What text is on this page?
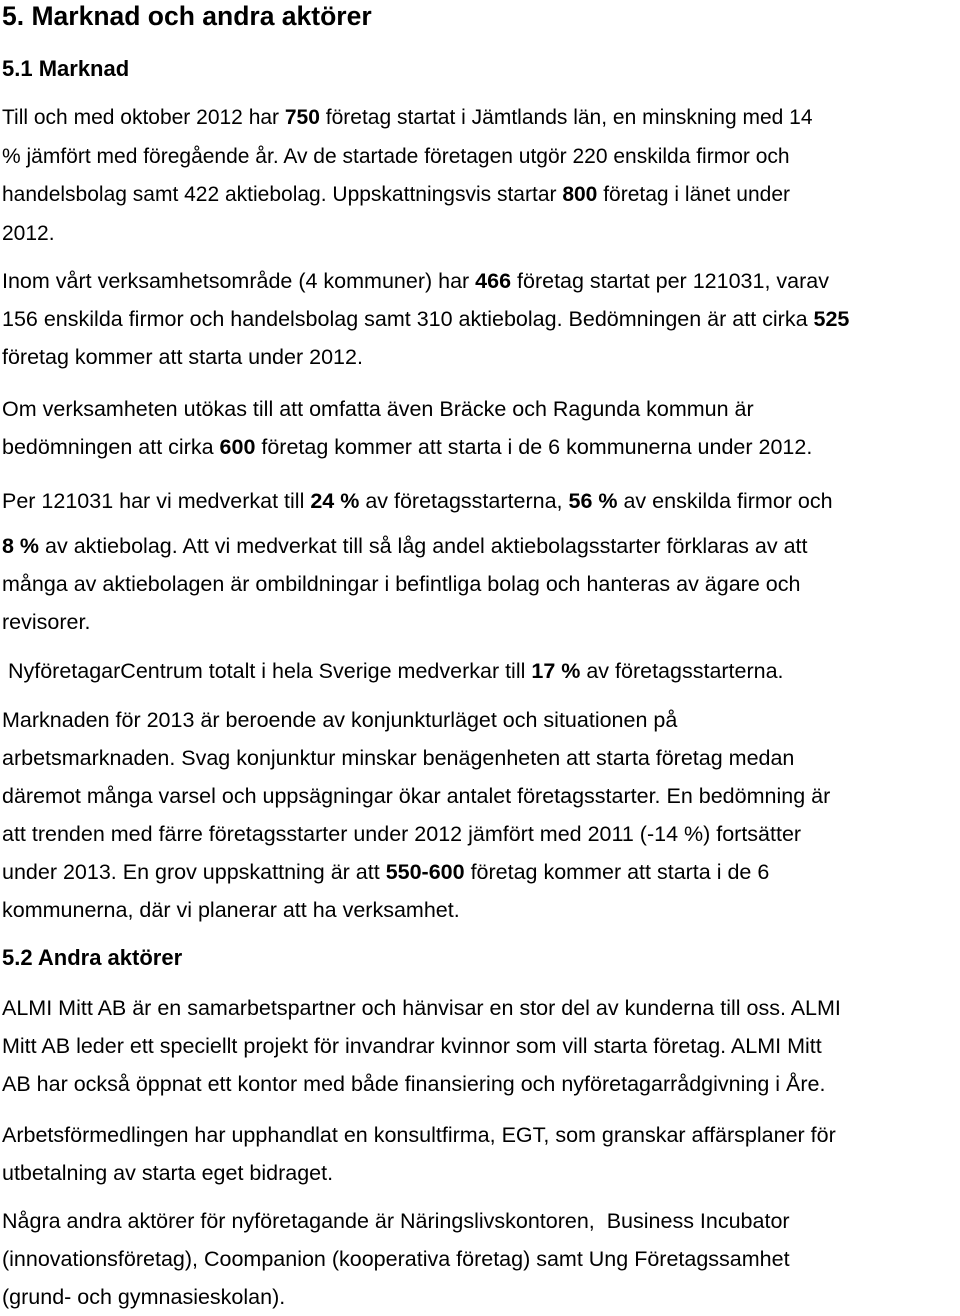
5. Marknad och andra aktörer
5.1 Marknad

Till och med oktober 2012 har 750 företag startat i Jämtlands län, en minskning med 14
% jämfört med föregående år. Av de startade företagen utgör 220 enskilda firmor och
handelsbolag samt 422 aktiebolag. Uppskattningsvis startar 800 företag i länet under
2012.

Inom vårt verksamhetsområde (4 kommuner) har 466 företag startat per 121031, varav
156 enskilda firmor och handelsbolag samt 310 aktiebolag. Bedömningen är att cirka 525
företag kommer att starta under 2012.

Om verksamheten utökas till att omfatta även Bräcke och Ragunda kommun är
bedömningen att cirka 600 företag kommer att starta i de 6 kommunerna under 2012.

Per 121031 har vi medverkat till 24 % av företagsstarterna, 56 % av enskilda firmor och
8 % av aktiebolag. Att vi medverkat till så låg andel aktiebolagsstarter förklaras av att
många av aktiebolagen är ombildningar i befintliga bolag och hanteras av ägare och
revisorer.

NyföretagarCentrum totalt i hela Sverige medverkar till 17 % av företagsstarterna.

Marknaden för 2013 är beroende av konjunkturläget och situationen på
arbetsmarknaden. Svag konjunktur minskar benägenheten att starta företag medan
däremot många varsel och uppsägningar ökar antalet företagsstarter. En bedömning är
att trenden med färre företagsstarter under 2012 jämfört med 2011 (-14 %) fortsätter
under 2013. En grov uppskattning är att 550-600 företag kommer att starta i de 6
kommunerna, där vi planerar att ha verksamhet.

5.2 Andra aktörer

ALMI Mitt AB är en samarbetspartner och hänvisar en stor del av kunderna till oss. ALMI
Mitt AB leder ett speciellt projekt för invandrar kvinnor som vill starta företag. ALMI Mitt
AB har också öppnat ett kontor med både finansiering och nyföretagarrådgivning i Åre.

Arbetsförmedlingen har upphandlat en konsultfirma, EGT, som granskar affärsplaner för
utbetalning av starta eget bidraget.

Några andra aktörer för nyföretagande är Näringslivskontoren,  Business Incubator
(innovationsföretag), Coompanion (kooperativa företag) samt Ung Företagssamhet
(grund- och gymnasieskolan).
